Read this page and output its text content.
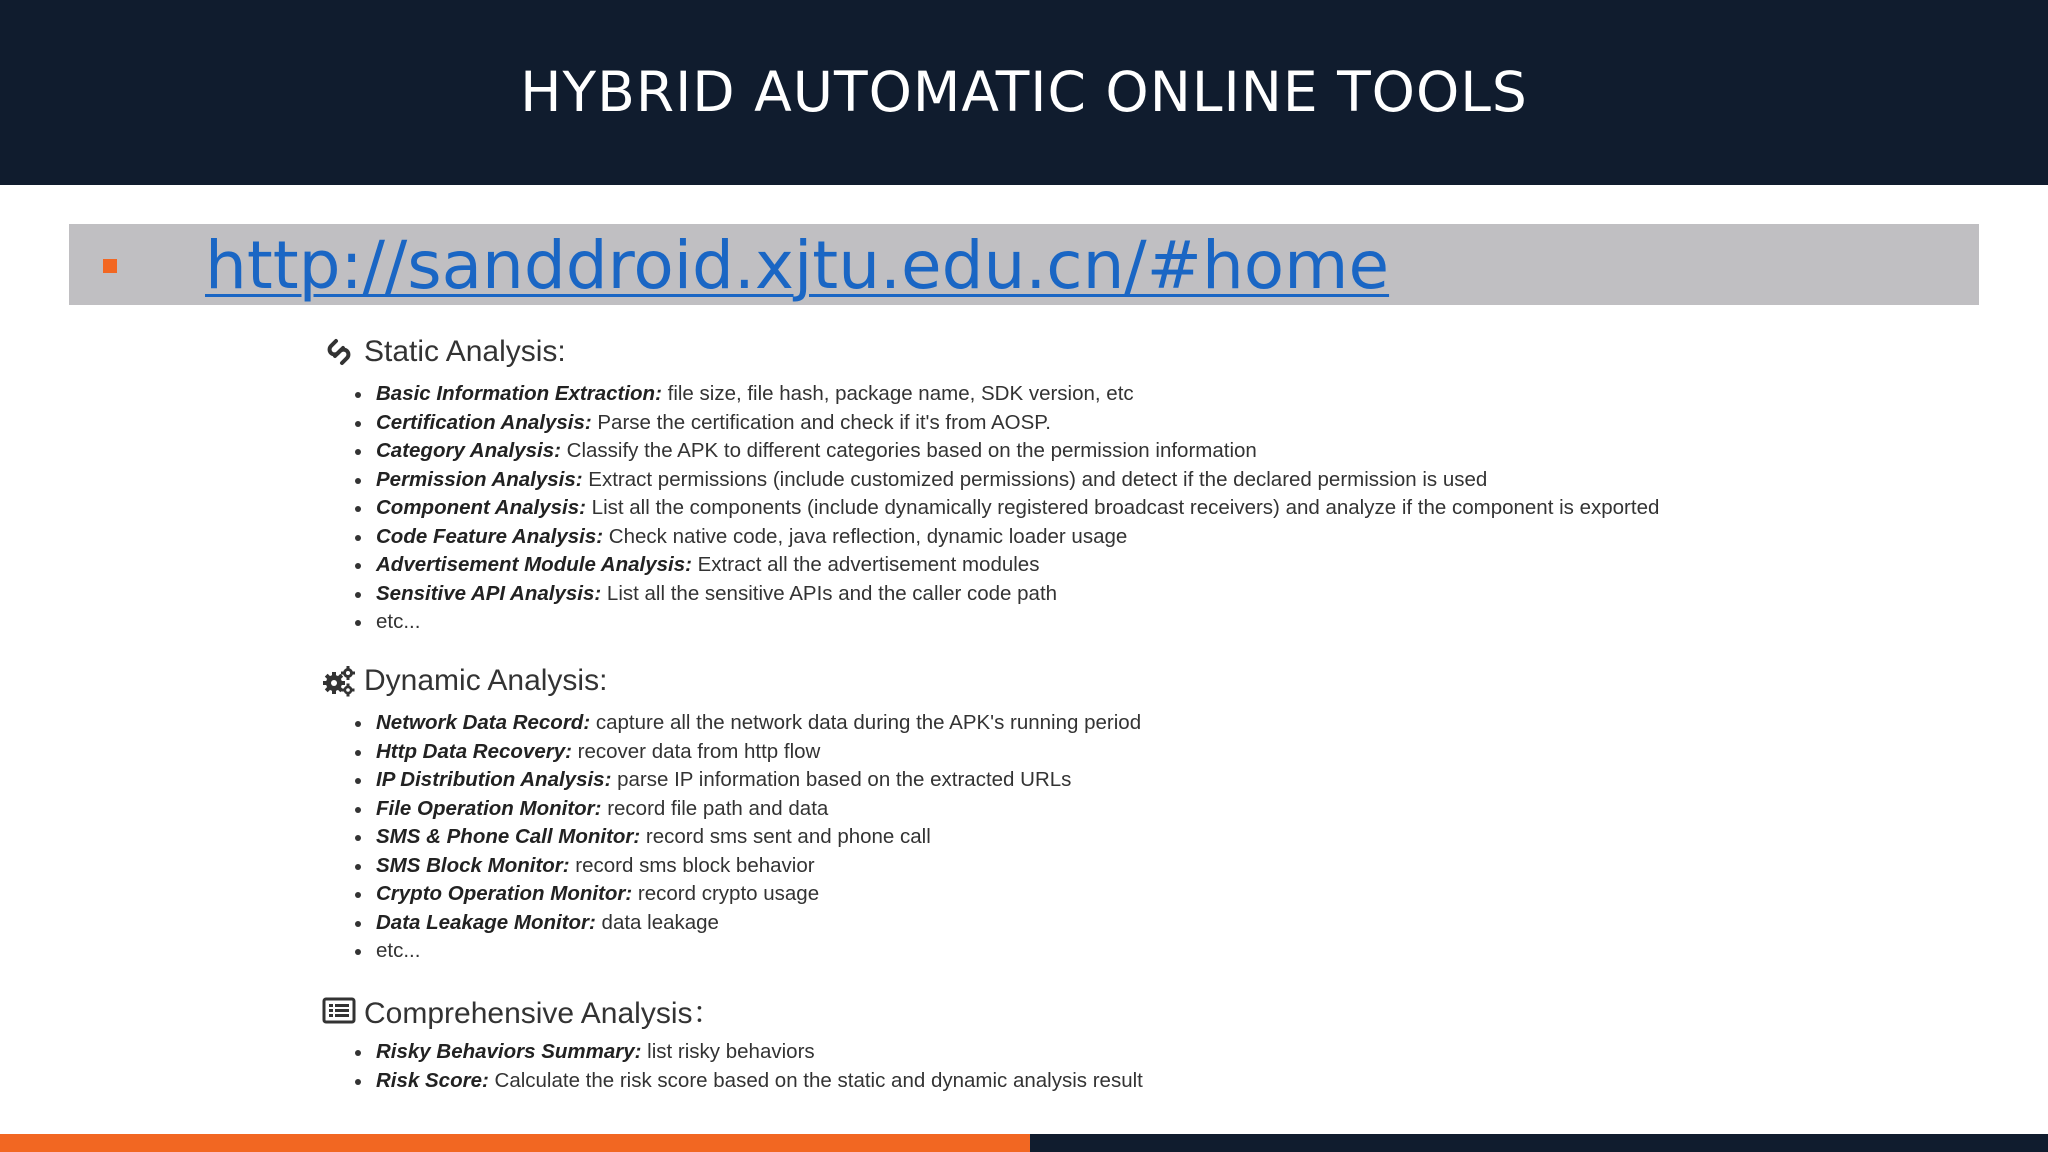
HYBRID AUTOMATIC ONLINE TOOLS
http://sanddroid.xjtu.edu.cn/#home
Static Analysis:
Basic Information Extraction: file size, file hash, package name, SDK version, etc
Certification Analysis: Parse the certification and check if it's from AOSP.
Category Analysis: Classify the APK to different categories based on the permission information
Permission Analysis: Extract permissions (include customized permissions) and detect if the declared permission is used
Component Analysis: List all the components (include dynamically registered broadcast receivers) and analyze if the component is exported
Code Feature Analysis: Check native code, java reflection, dynamic loader usage
Advertisement Module Analysis: Extract all the advertisement modules
Sensitive API Analysis: List all the sensitive APIs and the caller code path
etc...
Dynamic Analysis:
Network Data Record: capture all the network data during the APK's running period
Http Data Recovery: recover data from http flow
IP Distribution Analysis: parse IP information based on the extracted URLs
File Operation Monitor: record file path and data
SMS & Phone Call Monitor: record sms sent and phone call
SMS Block Monitor: record sms block behavior
Crypto Operation Monitor: record crypto usage
Data Leakage Monitor: data leakage
etc...
Comprehensive Analysis：
Risky Behaviors Summary: list risky behaviors
Risk Score: Calculate the risk score based on the static and dynamic analysis result
